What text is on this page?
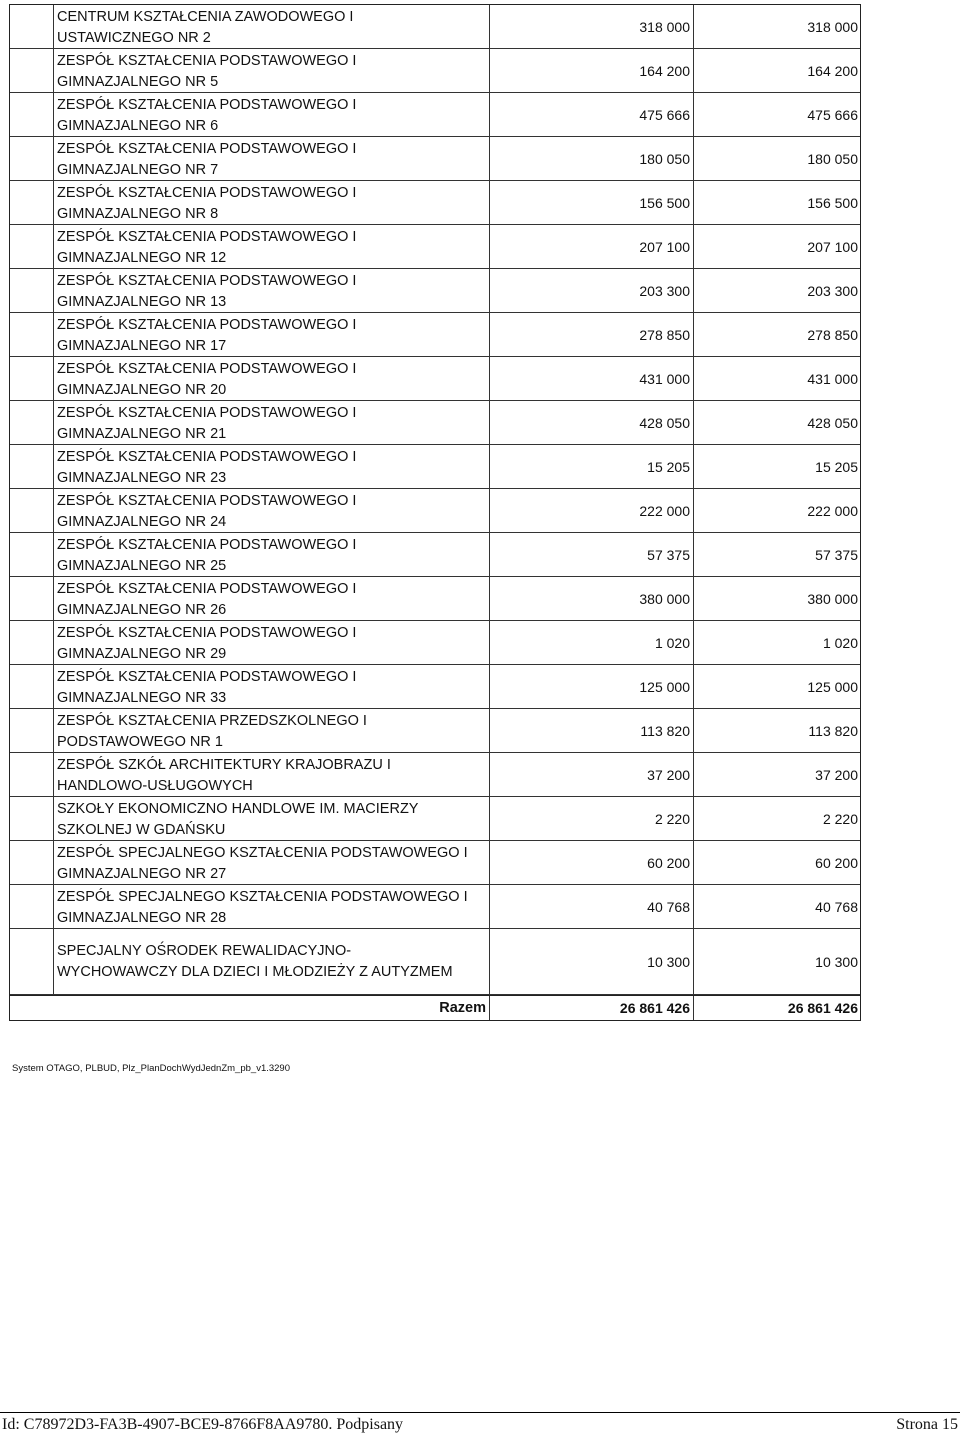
CENTRUM KSZTAŁCENIA ZAWODOWEGO I
USTAWICZNEGO NR 2
318 000	318 000
ZESPÓŁ KSZTAŁCENIA PODSTAWOWEGO I
GIMNAZJALNEGO NR 5
164 200	164 200
ZESPÓŁ KSZTAŁCENIA PODSTAWOWEGO I
GIMNAZJALNEGO NR 6
475 666	475 666
ZESPÓŁ KSZTAŁCENIA PODSTAWOWEGO I
GIMNAZJALNEGO NR 7
180 050	180 050
ZESPÓŁ KSZTAŁCENIA PODSTAWOWEGO I
GIMNAZJALNEGO NR 8
156 500	156 500
ZESPÓŁ KSZTAŁCENIA PODSTAWOWEGO I
GIMNAZJALNEGO NR 12
207 100	207 100
ZESPÓŁ KSZTAŁCENIA PODSTAWOWEGO I
GIMNAZJALNEGO NR 13
203 300	203 300
ZESPÓŁ KSZTAŁCENIA PODSTAWOWEGO I
GIMNAZJALNEGO NR 17
278 850	278 850
ZESPÓŁ KSZTAŁCENIA PODSTAWOWEGO I
GIMNAZJALNEGO NR 20
431 000	431 000
ZESPÓŁ KSZTAŁCENIA PODSTAWOWEGO I
GIMNAZJALNEGO NR 21
428 050	428 050
ZESPÓŁ KSZTAŁCENIA PODSTAWOWEGO I
GIMNAZJALNEGO NR 23
15 205	15 205
ZESPÓŁ KSZTAŁCENIA PODSTAWOWEGO I
GIMNAZJALNEGO NR 24
222 000	222 000
ZESPÓŁ KSZTAŁCENIA PODSTAWOWEGO I
GIMNAZJALNEGO NR 25
57 375	57 375
ZESPÓŁ KSZTAŁCENIA PODSTAWOWEGO I
GIMNAZJALNEGO NR 26
380 000	380 000
ZESPÓŁ KSZTAŁCENIA PODSTAWOWEGO I
GIMNAZJALNEGO NR 29
1 020	1 020
ZESPÓŁ KSZTAŁCENIA PODSTAWOWEGO I
GIMNAZJALNEGO NR 33
125 000	125 000
ZESPÓŁ KSZTAŁCENIA PRZEDSZKOLNEGO I
PODSTAWOWEGO NR 1
113 820	113 820
ZESPÓŁ SZKÓŁ ARCHITEKTURY KRAJOBRAZU I
HANDLOWO-USŁUGOWYCH
37 200	37 200
SZKOŁY EKONOMICZNO HANDLOWE IM. MACIERZY
SZKOLNEJ W GDAŃSKU
2 220	2 220
ZESPÓŁ SPECJALNEGO KSZTAŁCENIA PODSTAWOWEGO I
GIMNAZJALNEGO NR 27
60 200	60 200
ZESPÓŁ SPECJALNEGO KSZTAŁCENIA PODSTAWOWEGO I
GIMNAZJALNEGO NR 28
40 768	40 768
SPECJALNY OŚRODEK REWALIDACYJNO-
WYCHOWAWCZY DLA DZIECI I MŁODZIEŻY Z AUTYZMEM
10 300	10 300
Razem	26 861 426	26 861 426
System OTAGO, PLBUD, Plz_PlanDochWydJednZm_pb_v1.3290
Id: C78972D3-FA3B-4907-BCE9-8766F8AA9780. Podpisany	Strona 15
